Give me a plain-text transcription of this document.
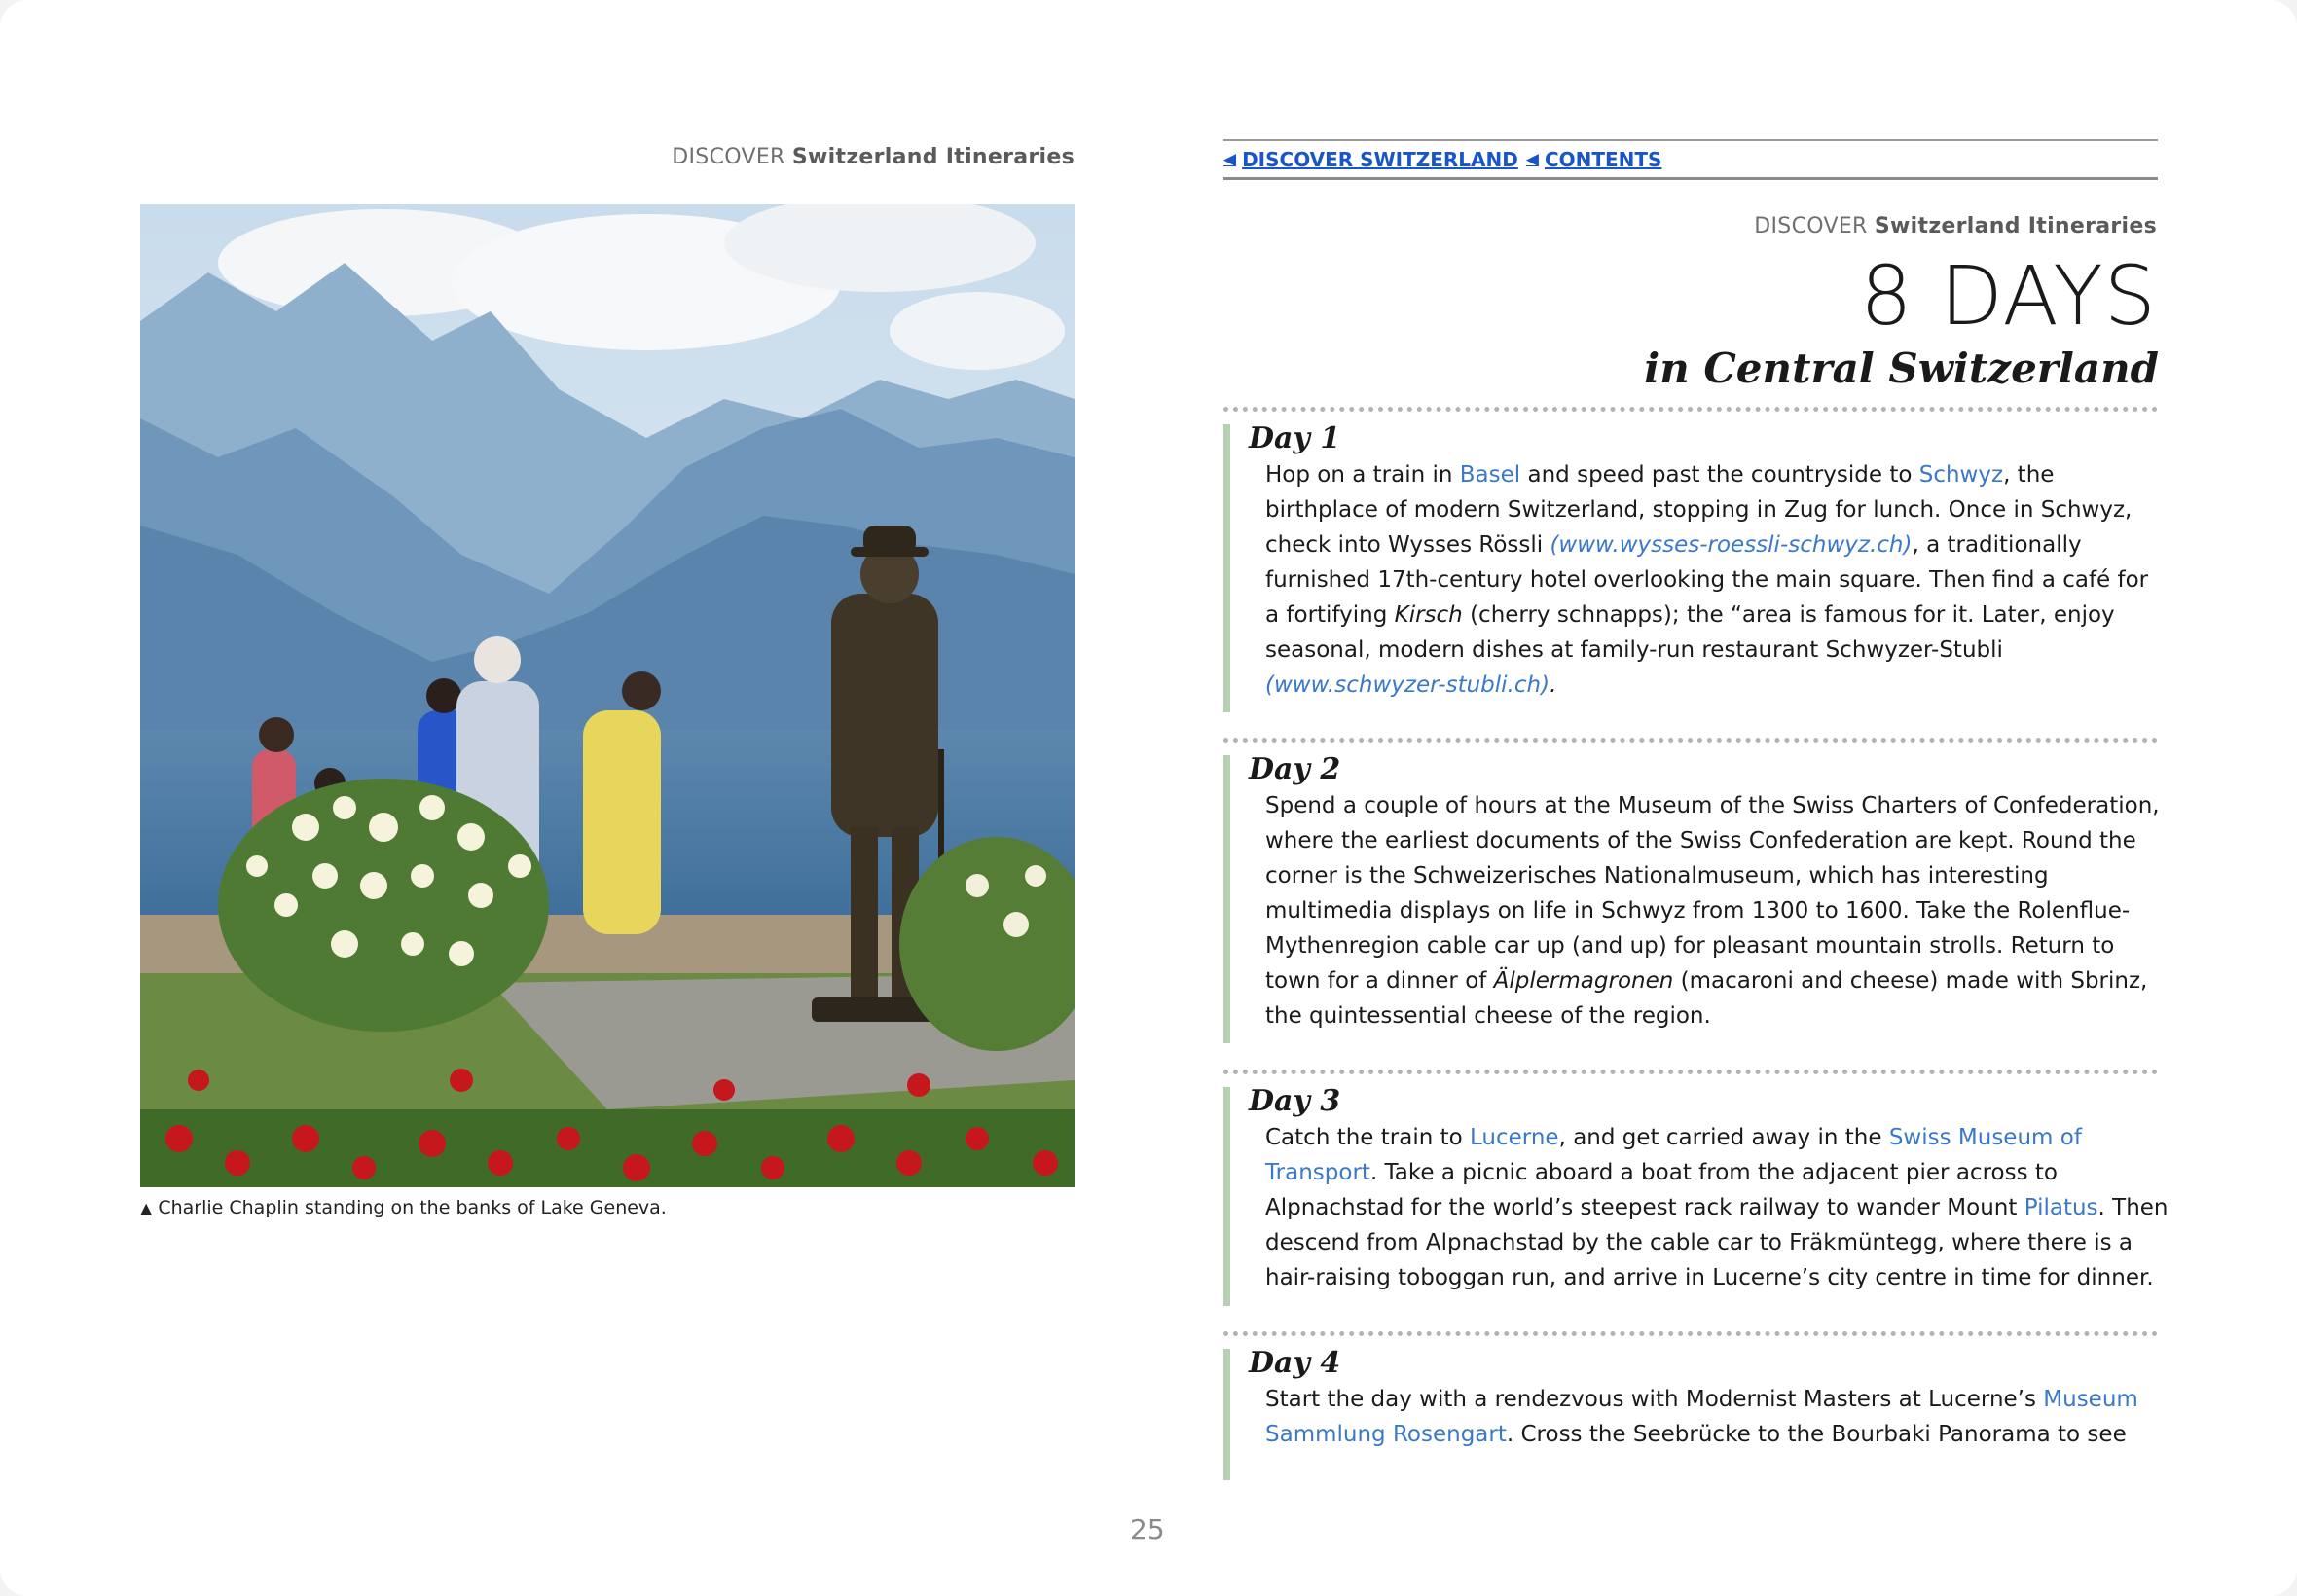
DISCOVER Switzerland Itineraries
▲ Charlie Chaplin standing on the banks of Lake Geneva.
◀ DISCOVER SWITZERLAND ◀ CONTENTS
DISCOVER Switzerland Itineraries
8 DAYS
in Central Switzerland
Day 1
Hop on a train in Basel and speed past the countryside to Schwyz, the
birthplace of modern Switzerland, stopping in Zug for lunch. Once in Schwyz,
check into Wysses Rössli (www.wysses-roessli-schwyz.ch), a traditionally
furnished 17th-century hotel overlooking the main square. Then find a café for
a fortifying Kirsch (cherry schnapps); the “area is famous for it. Later, enjoy
seasonal, modern dishes at family-run restaurant Schwyzer-Stubli
(www.schwyzer-stubli.ch).
Day 2
Spend a couple of hours at the Museum of the Swiss Charters of Confederation,
where the earliest documents of the Swiss Confederation are kept. Round the
corner is the Schweizerisches Nationalmuseum, which has interesting
multimedia displays on life in Schwyz from 1300 to 1600. Take the Rolenflue-
Mythenregion cable car up (and up) for pleasant mountain strolls. Return to
town for a dinner of Älplermagronen (macaroni and cheese) made with Sbrinz,
the quintessential cheese of the region.
Day 3
Catch the train to Lucerne, and get carried away in the Swiss Museum of
Transport. Take a picnic aboard a boat from the adjacent pier across to
Alpnachstad for the world’s steepest rack railway to wander Mount Pilatus. Then
descend from Alpnachstad by the cable car to Fräkmüntegg, where there is a
hair-raising toboggan run, and arrive in Lucerne’s city centre in time for dinner.
Day 4
Start the day with a rendezvous with Modernist Masters at Lucerne’s Museum
Sammlung Rosengart. Cross the Seebrücke to the Bourbaki Panorama to see
25
